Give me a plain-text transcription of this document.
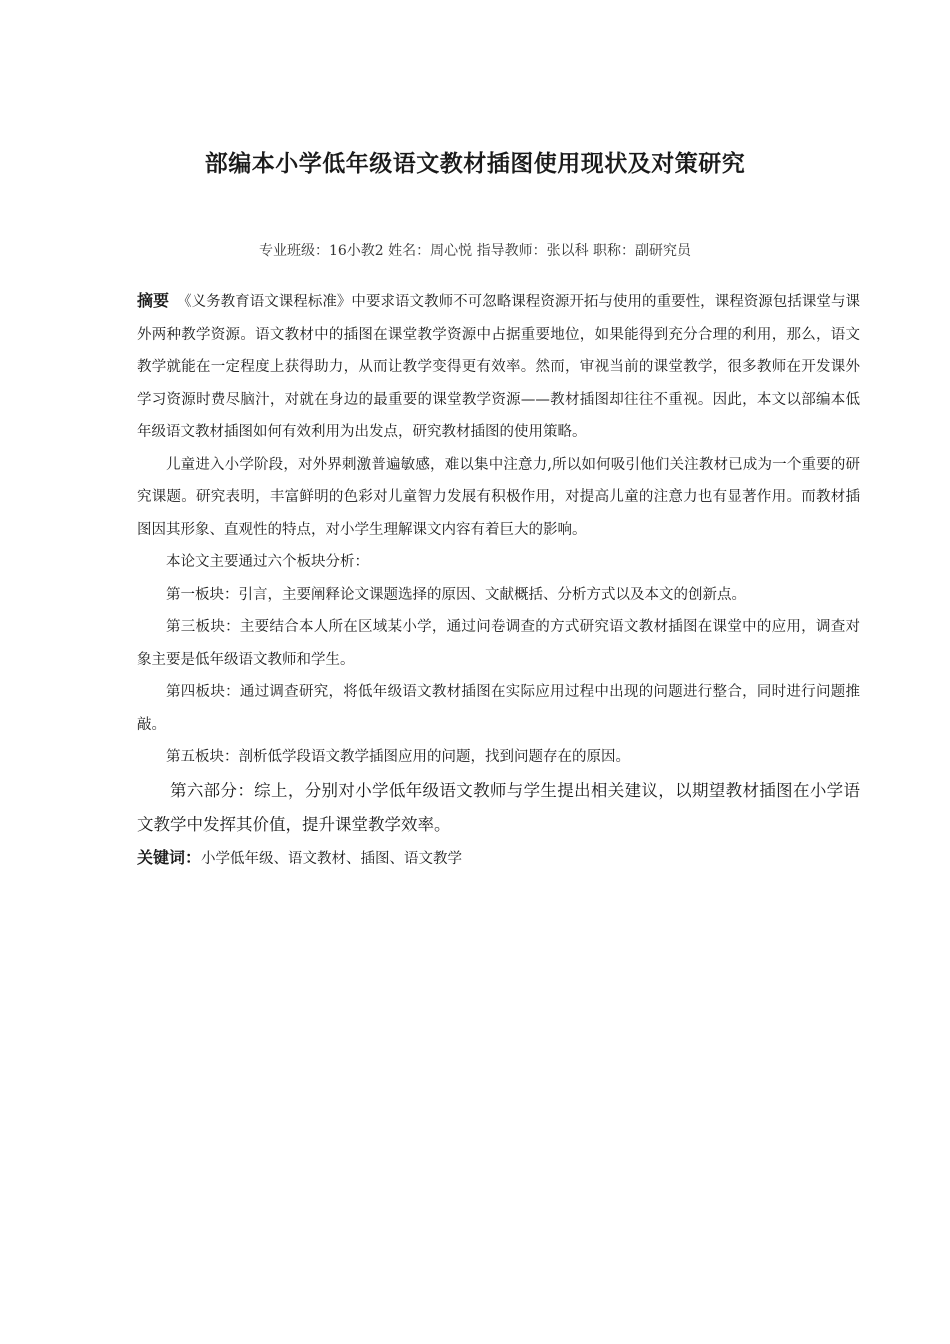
部编本小学低年级语文教材插图使用现状及对策研究

专业班级：16小教2 姓名：周心悦 指导教师：张以科 职称：副研究员

摘要 《义务教育语文课程标准》中要求语文教师不可忽略课程资源开拓与使用的重要性，课程资源包括课堂与课外两种教学资源。语文教材中的插图在课堂教学资源中占据重要地位，如果能得到充分合理的利用，那么，语文教学就能在一定程度上获得助力，从而让教学变得更有效率。然而，审视当前的课堂教学，很多教师在开发课外学习资源时费尽脑汁，对就在身边的最重要的课堂教学资源——教材插图却往往不重视。因此，本文以部编本低年级语文教材插图如何有效利用为出发点，研究教材插图的使用策略。

儿童进入小学阶段，对外界刺激普遍敏感，难以集中注意力,所以如何吸引他们关注教材已成为一个重要的研究课题。研究表明，丰富鲜明的色彩对儿童智力发展有积极作用，对提高儿童的注意力也有显著作用。而教材插图因其形象、直观性的特点，对小学生理解课文内容有着巨大的影响。

本论文主要通过六个板块分析：

第一板块：引言，主要阐释论文课题选择的原因、文献概括、分析方式以及本文的创新点。

第三板块：主要结合本人所在区域某小学，通过问卷调查的方式研究语文教材插图在课堂中的应用，调查对象主要是低年级语文教师和学生。

第四板块：通过调查研究，将低年级语文教材插图在实际应用过程中出现的问题进行整合，同时进行问题推敲。

第五板块：剖析低学段语文教学插图应用的问题，找到问题存在的原因。

第六部分：综上，分别对小学低年级语文教师与学生提出相关建议，以期望教材插图在小学语文教学中发挥其价值，提升课堂教学效率。

关键词：小学低年级、语文教材、插图、语文教学
